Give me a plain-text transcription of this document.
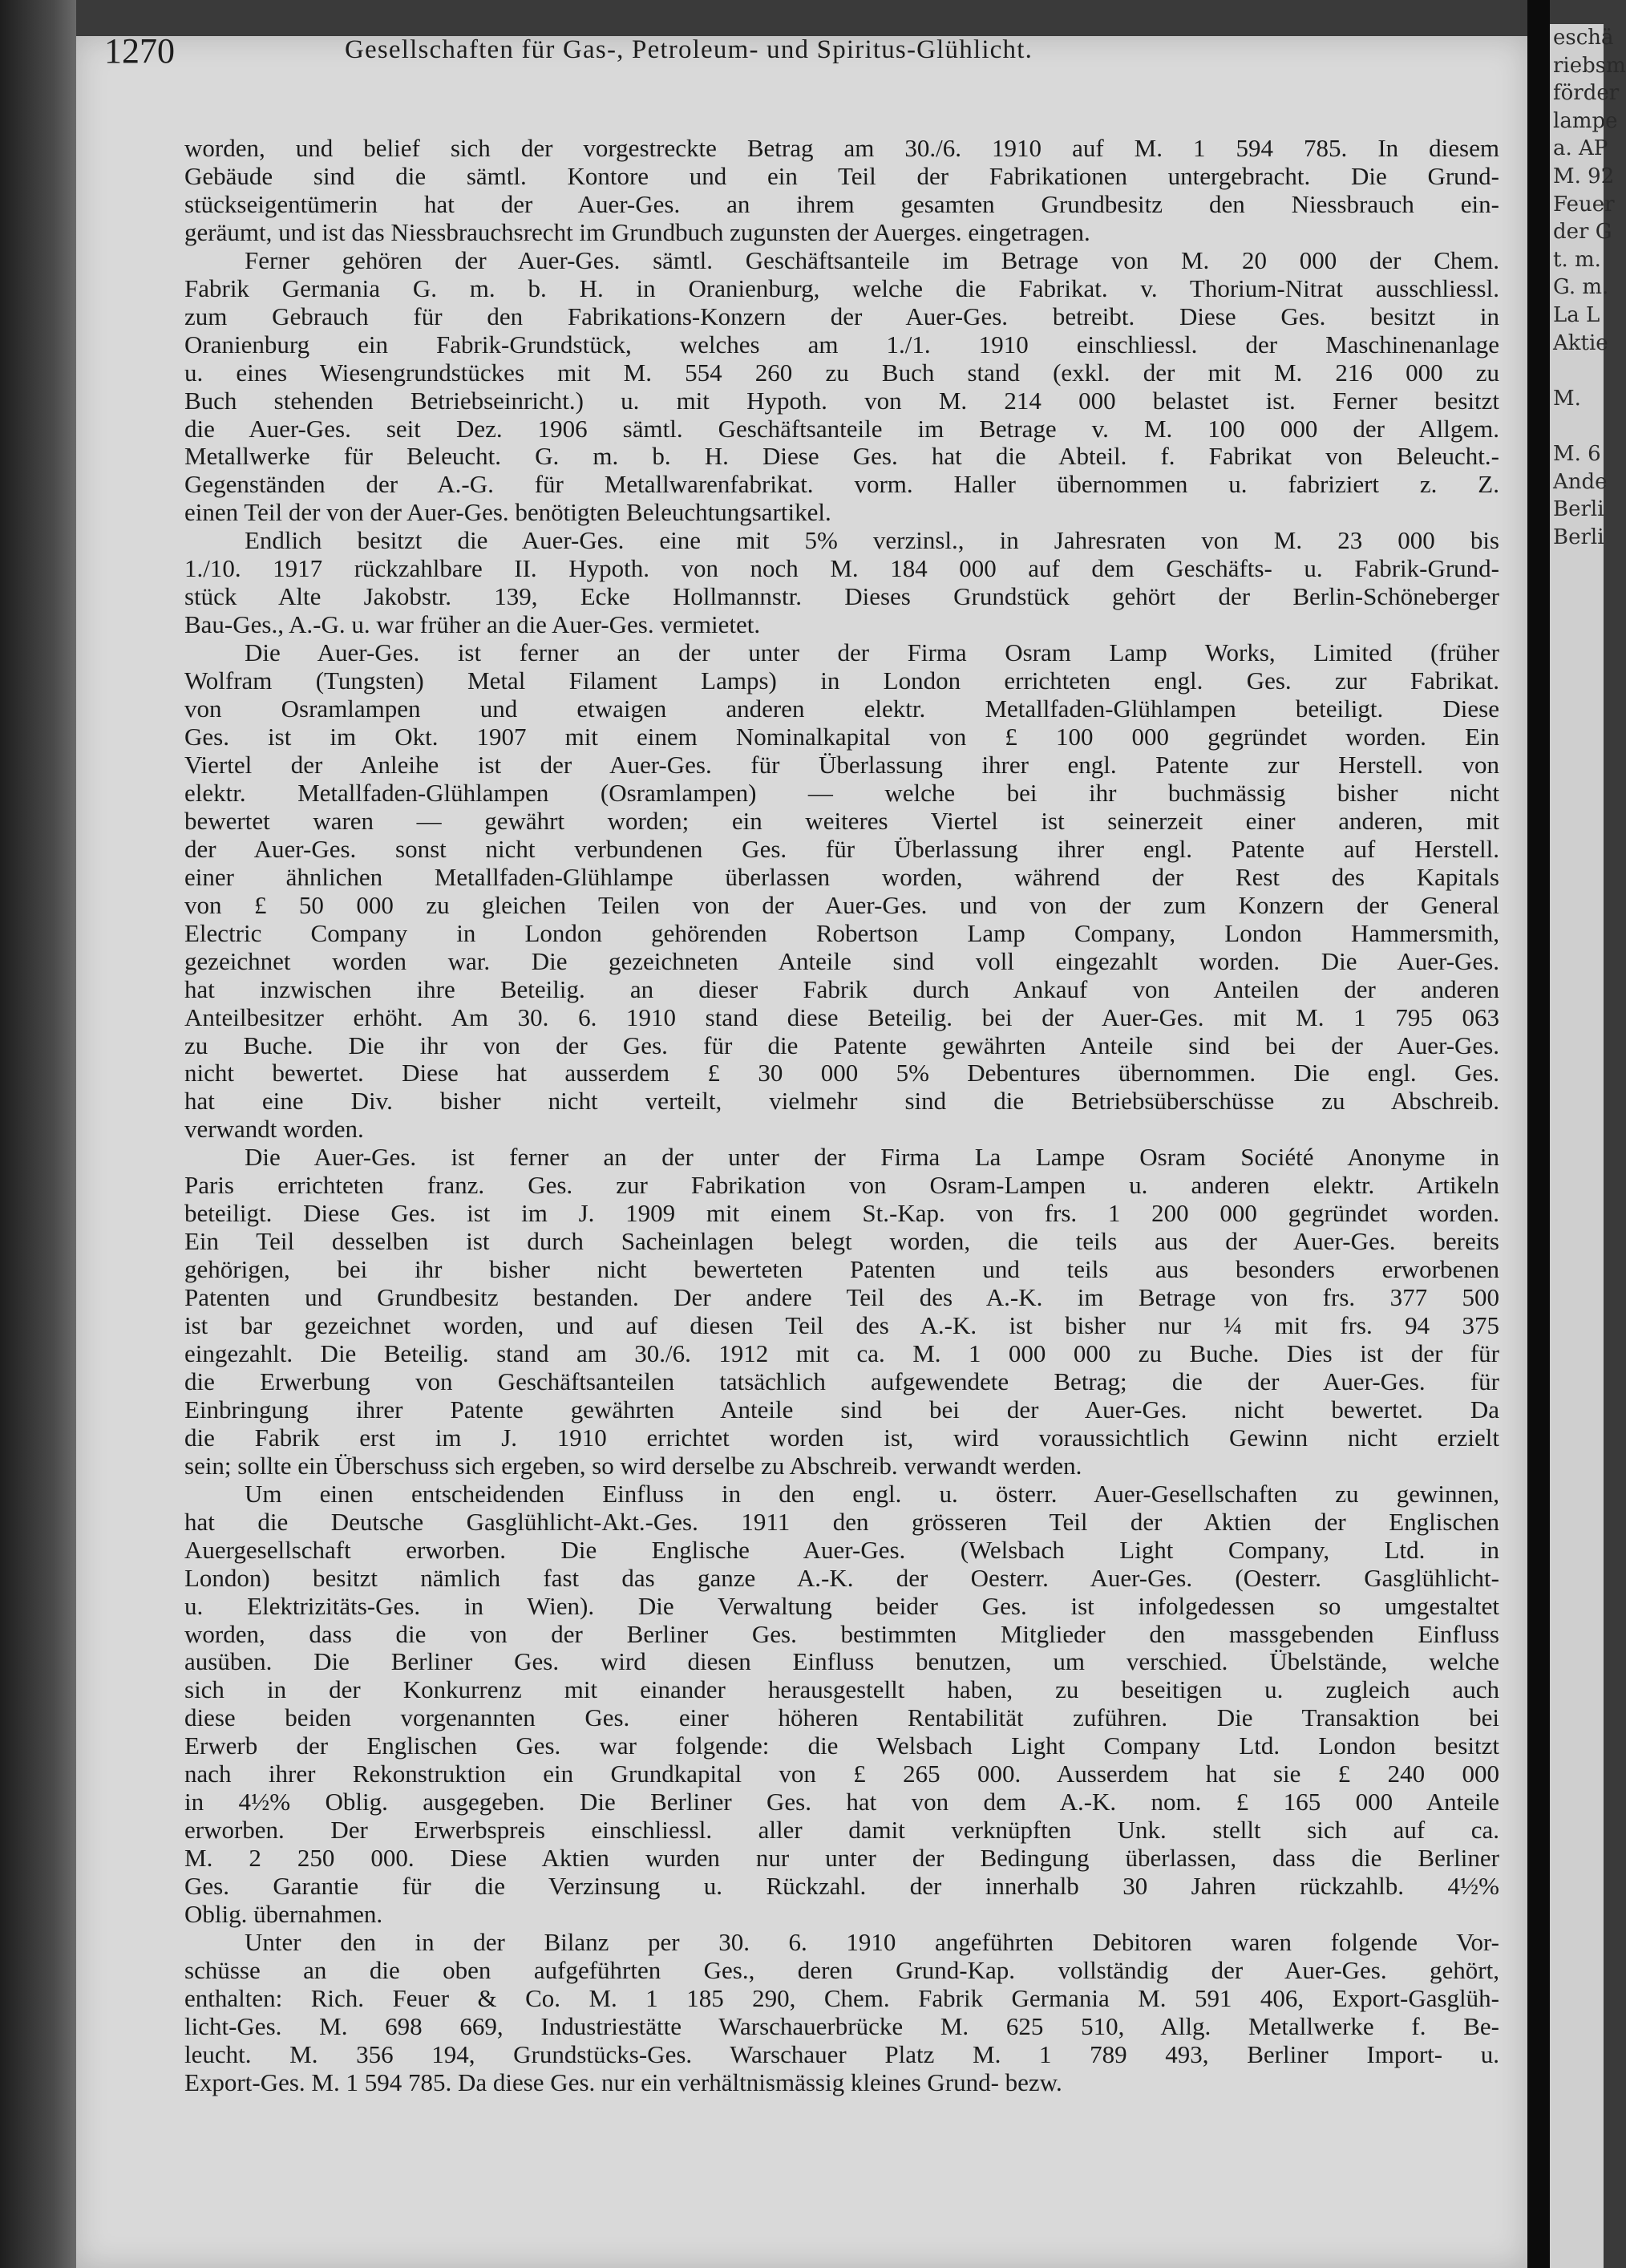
eschä
riebsm
förder
lampe
a. AP
M. 92
Feuer
der G
t. m.
G. m.
La L
Aktie

M.

M. 6
Ande
Berli
Berli

1270	Gesellschaften für Gas-, Petroleum- und Spiritus-Glühlicht.
worden, und belief sich der vorgestreckte Betrag am 30./6. 1910 auf M. 1 594 785. In diesem
Gebäude sind die sämtl. Kontore und ein Teil der Fabrikationen untergebracht. Die Grund-
stückseigentümerin hat der Auer-Ges. an ihrem gesamten Grundbesitz den Niessbrauch ein-
geräumt, und ist das Niessbrauchsrecht im Grundbuch zugunsten der Auerges. eingetragen.
Ferner gehören der Auer-Ges. sämtl. Geschäftsanteile im Betrage von M. 20 000 der Chem.
Fabrik Germania G. m. b. H. in Oranienburg, welche die Fabrikat. v. Thorium-Nitrat ausschliessl.
zum Gebrauch für den Fabrikations-Konzern der Auer-Ges. betreibt. Diese Ges. besitzt in
Oranienburg ein Fabrik-Grundstück, welches am 1./1. 1910 einschliessl. der Maschinenanlage
u. eines Wiesengrundstückes mit M. 554 260 zu Buch stand (exkl. der mit M. 216 000 zu
Buch stehenden Betriebseinricht.) u. mit Hypoth. von M. 214 000 belastet ist. Ferner besitzt
die Auer-Ges. seit Dez. 1906 sämtl. Geschäftsanteile im Betrage v. M. 100 000 der Allgem.
Metallwerke für Beleucht. G. m. b. H. Diese Ges. hat die Abteil. f. Fabrikat von Beleucht.-
Gegenständen der A.-G. für Metallwarenfabrikat. vorm. Haller übernommen u. fabriziert z. Z.
einen Teil der von der Auer-Ges. benötigten Beleuchtungsartikel.
Endlich besitzt die Auer-Ges. eine mit 5% verzinsl., in Jahresraten von M. 23 000 bis
1./10. 1917 rückzahlbare II. Hypoth. von noch M. 184 000 auf dem Geschäfts- u. Fabrik-Grund-
stück Alte Jakobstr. 139, Ecke Hollmannstr. Dieses Grundstück gehört der Berlin-Schöneberger
Bau-Ges., A.-G. u. war früher an die Auer-Ges. vermietet.
Die Auer-Ges. ist ferner an der unter der Firma Osram Lamp Works, Limited (früher
Wolfram (Tungsten) Metal Filament Lamps) in London errichteten engl. Ges. zur Fabrikat.
von Osramlampen und etwaigen anderen elektr. Metallfaden-Glühlampen beteiligt. Diese
Ges. ist im Okt. 1907 mit einem Nominalkapital von £ 100 000 gegründet worden. Ein
Viertel der Anleihe ist der Auer-Ges. für Überlassung ihrer engl. Patente zur Herstell. von
elektr. Metallfaden-Glühlampen (Osramlampen) — welche bei ihr buchmässig bisher nicht
bewertet waren — gewährt worden; ein weiteres Viertel ist seinerzeit einer anderen, mit
der Auer-Ges. sonst nicht verbundenen Ges. für Überlassung ihrer engl. Patente auf Herstell.
einer ähnlichen Metallfaden-Glühlampe überlassen worden, während der Rest des Kapitals
von £ 50 000 zu gleichen Teilen von der Auer-Ges. und von der zum Konzern der General
Electric Company in London gehörenden Robertson Lamp Company, London Hammersmith,
gezeichnet worden war. Die gezeichneten Anteile sind voll eingezahlt worden. Die Auer-Ges.
hat inzwischen ihre Beteilig. an dieser Fabrik durch Ankauf von Anteilen der anderen
Anteilbesitzer erhöht. Am 30. 6. 1910 stand diese Beteilig. bei der Auer-Ges. mit M. 1 795 063
zu Buche. Die ihr von der Ges. für die Patente gewährten Anteile sind bei der Auer-Ges.
nicht bewertet. Diese hat ausserdem £ 30 000 5% Debentures übernommen. Die engl. Ges.
hat eine Div. bisher nicht verteilt, vielmehr sind die Betriebsüberschüsse zu Abschreib.
verwandt worden.
Die Auer-Ges. ist ferner an der unter der Firma La Lampe Osram Société Anonyme in
Paris errichteten franz. Ges. zur Fabrikation von Osram-Lampen u. anderen elektr. Artikeln
beteiligt. Diese Ges. ist im J. 1909 mit einem St.-Kap. von frs. 1 200 000 gegründet worden.
Ein Teil desselben ist durch Sacheinlagen belegt worden, die teils aus der Auer-Ges. bereits
gehörigen, bei ihr bisher nicht bewerteten Patenten und teils aus besonders erworbenen
Patenten und Grundbesitz bestanden. Der andere Teil des A.-K. im Betrage von frs. 377 500
ist bar gezeichnet worden, und auf diesen Teil des A.-K. ist bisher nur ¼ mit frs. 94 375
eingezahlt. Die Beteilig. stand am 30./6. 1912 mit ca. M. 1 000 000 zu Buche. Dies ist der für
die Erwerbung von Geschäftsanteilen tatsächlich aufgewendete Betrag; die der Auer-Ges. für
Einbringung ihrer Patente gewährten Anteile sind bei der Auer-Ges. nicht bewertet. Da
die Fabrik erst im J. 1910 errichtet worden ist, wird voraussichtlich Gewinn nicht erzielt
sein; sollte ein Überschuss sich ergeben, so wird derselbe zu Abschreib. verwandt werden.
Um einen entscheidenden Einfluss in den engl. u. österr. Auer-Gesellschaften zu gewinnen,
hat die Deutsche Gasglühlicht-Akt.-Ges. 1911 den grösseren Teil der Aktien der Englischen
Auergesellschaft erworben. Die Englische Auer-Ges. (Welsbach Light Company, Ltd. in
London) besitzt nämlich fast das ganze A.-K. der Oesterr. Auer-Ges. (Oesterr. Gasglühlicht-
u. Elektrizitäts-Ges. in Wien). Die Verwaltung beider Ges. ist infolgedessen so umgestaltet
worden, dass die von der Berliner Ges. bestimmten Mitglieder den massgebenden Einfluss
ausüben. Die Berliner Ges. wird diesen Einfluss benutzen, um verschied. Übelstände, welche
sich in der Konkurrenz mit einander herausgestellt haben, zu beseitigen u. zugleich auch
diese beiden vorgenannten Ges. einer höheren Rentabilität zuführen. Die Transaktion bei
Erwerb der Englischen Ges. war folgende: die Welsbach Light Company Ltd. London besitzt
nach ihrer Rekonstruktion ein Grundkapital von £ 265 000. Ausserdem hat sie £ 240 000
in 4½% Oblig. ausgegeben. Die Berliner Ges. hat von dem A.-K. nom. £ 165 000 Anteile
erworben. Der Erwerbspreis einschliessl. aller damit verknüpften Unk. stellt sich auf ca.
M. 2 250 000. Diese Aktien wurden nur unter der Bedingung überlassen, dass die Berliner
Ges. Garantie für die Verzinsung u. Rückzahl. der innerhalb 30 Jahren rückzahlb. 4½%
Oblig. übernahmen.
Unter den in der Bilanz per 30. 6. 1910 angeführten Debitoren waren folgende Vor-
schüsse an die oben aufgeführten Ges., deren Grund-Kap. vollständig der Auer-Ges. gehört,
enthalten: Rich. Feuer & Co. M. 1 185 290, Chem. Fabrik Germania M. 591 406, Export-Gasglüh-
licht-Ges. M. 698 669, Industriestätte Warschauerbrücke M. 625 510, Allg. Metallwerke f. Be-
leucht. M. 356 194, Grundstücks-Ges. Warschauer Platz M. 1 789 493, Berliner Import- u.
Export-Ges. M. 1 594 785. Da diese Ges. nur ein verhältnismässig kleines Grund- bezw.
